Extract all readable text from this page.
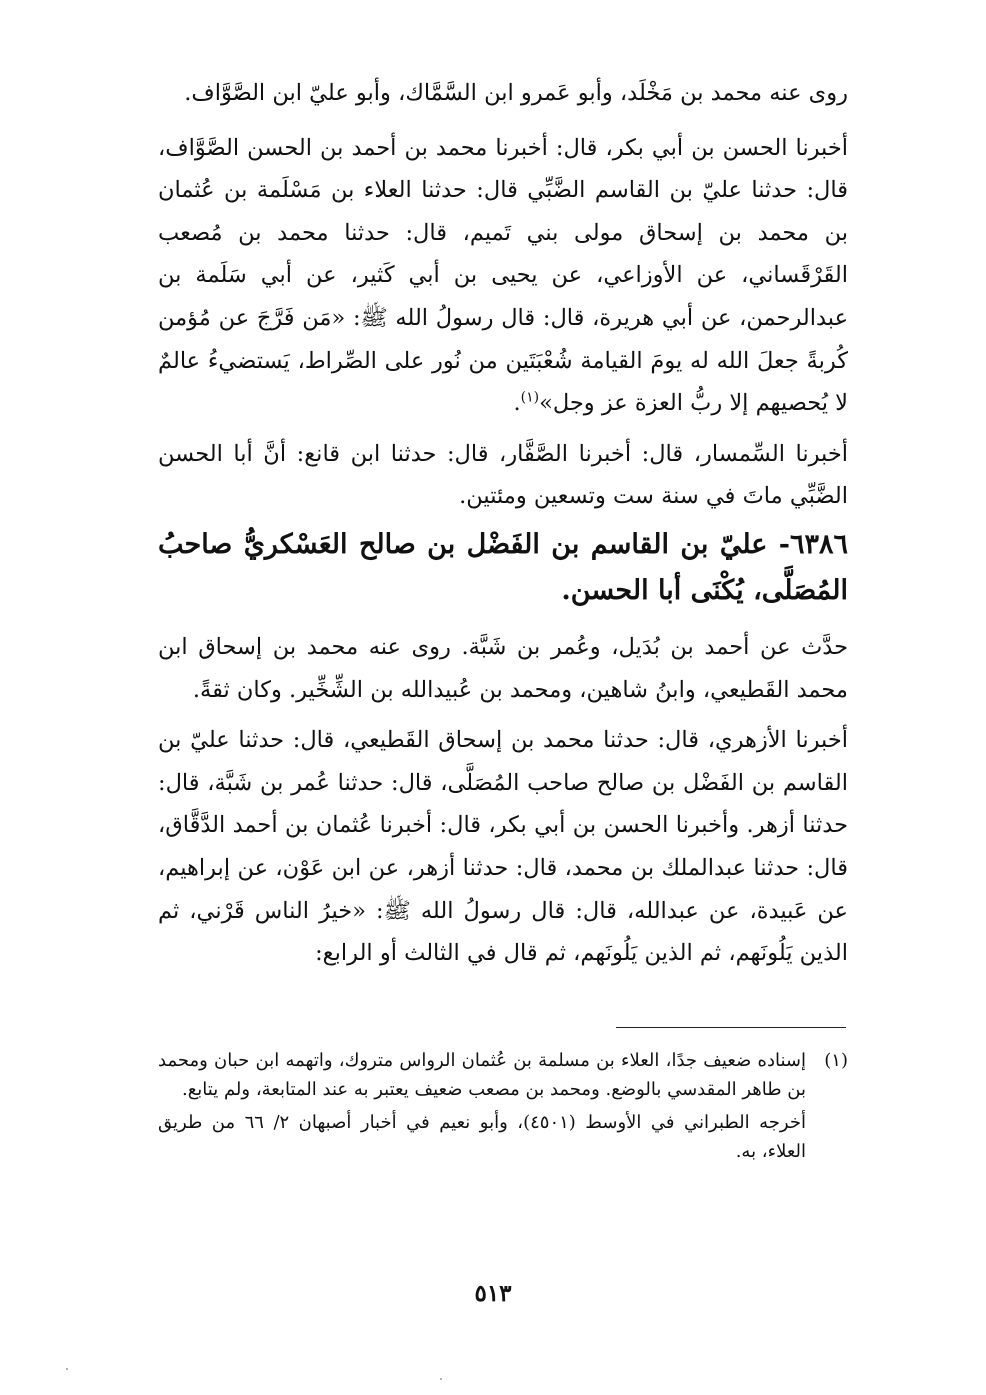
روى عنه محمد بن مَخْلَد، وأبو عَمرو ابن السَّمَّاك، وأبو عليّ ابن الصَّوَّاف.

أخبرنا الحسن بن أبي بكر، قال: أخبرنا محمد بن أحمد بن الحسن الصَّوَّاف، قال: حدثنا عليّ بن القاسم الضَّبِّي قال: حدثنا العلاء بن مَسْلَمة بن عُثمان بن محمد بن إسحاق مولى بني تَميم، قال: حدثنا محمد بن مُصعب القَرْقَساني، عن الأوزاعي، عن يحيى بن أبي كَثير، عن أبي سَلَمة بن عبدالرحمن، عن أبي هريرة، قال: قال رسولُ الله ﷺ: «مَن فَرَّجَ عن مُؤمن كُربةً جعلَ الله له يومَ القيامة شُعْبَتَين من نُور على الصِّراط، يَستضيءُ عالمٌ لا يُحصيهم إلا ربُّ العزة عز وجل»$^{(١)}$.

أخبرنا السِّمسار، قال: أخبرنا الصَّفَّار، قال: حدثنا ابن قانع: أنَّ أبا الحسن الضَّبِّي ماتَ في سنة ست وتسعين ومئتين.

٦٣٨٦- عليّ بن القاسم بن الفَضْل بن صالح العَسْكريُّ صاحبُ المُصَلَّى، يُكْنَى أبا الحسن.

حدَّث عن أحمد بن بُدَيل، وعُمر بن شَبَّة. روى عنه محمد بن إسحاق ابن محمد القَطيعي، وابنُ شاهين، ومحمد بن عُبيدالله بن الشِّخِّير. وكان ثقةً.

أخبرنا الأزهري، قال: حدثنا محمد بن إسحاق القَطيعي، قال: حدثنا عليّ بن القاسم بن الفَضْل بن صالح صاحب المُصَلَّى، قال: حدثنا عُمر بن شَبَّة، قال: حدثنا أزهر. وأخبرنا الحسن بن أبي بكر، قال: أخبرنا عُثمان بن أحمد الدَّقَّاق، قال: حدثنا عبدالملك بن محمد، قال: حدثنا أزهر، عن ابن عَوْن، عن إبراهيم، عن عَبيدة، عن عبدالله، قال: قال رسولُ الله ﷺ: «خيرُ الناس قَرْني، ثم الذين يَلُونَهم، ثم الذين يَلُونَهم، ثم قال في الثالث أو الرابع:

(١)
إسناده ضعيف جدًا، العلاء بن مسلمة بن عُثمان الرواس متروك، واتهمه ابن حبان ومحمد بن طاهر المقدسي بالوضع. ومحمد بن مصعب ضعيف يعتبر به عند المتابعة، ولم يتابع.
أخرجه الطبراني في الأوسط (٤٥٠١)، وأبو نعيم في أخبار أصبهان ٢/ ٦٦ من طريق العلاء، به.
٥١٣
